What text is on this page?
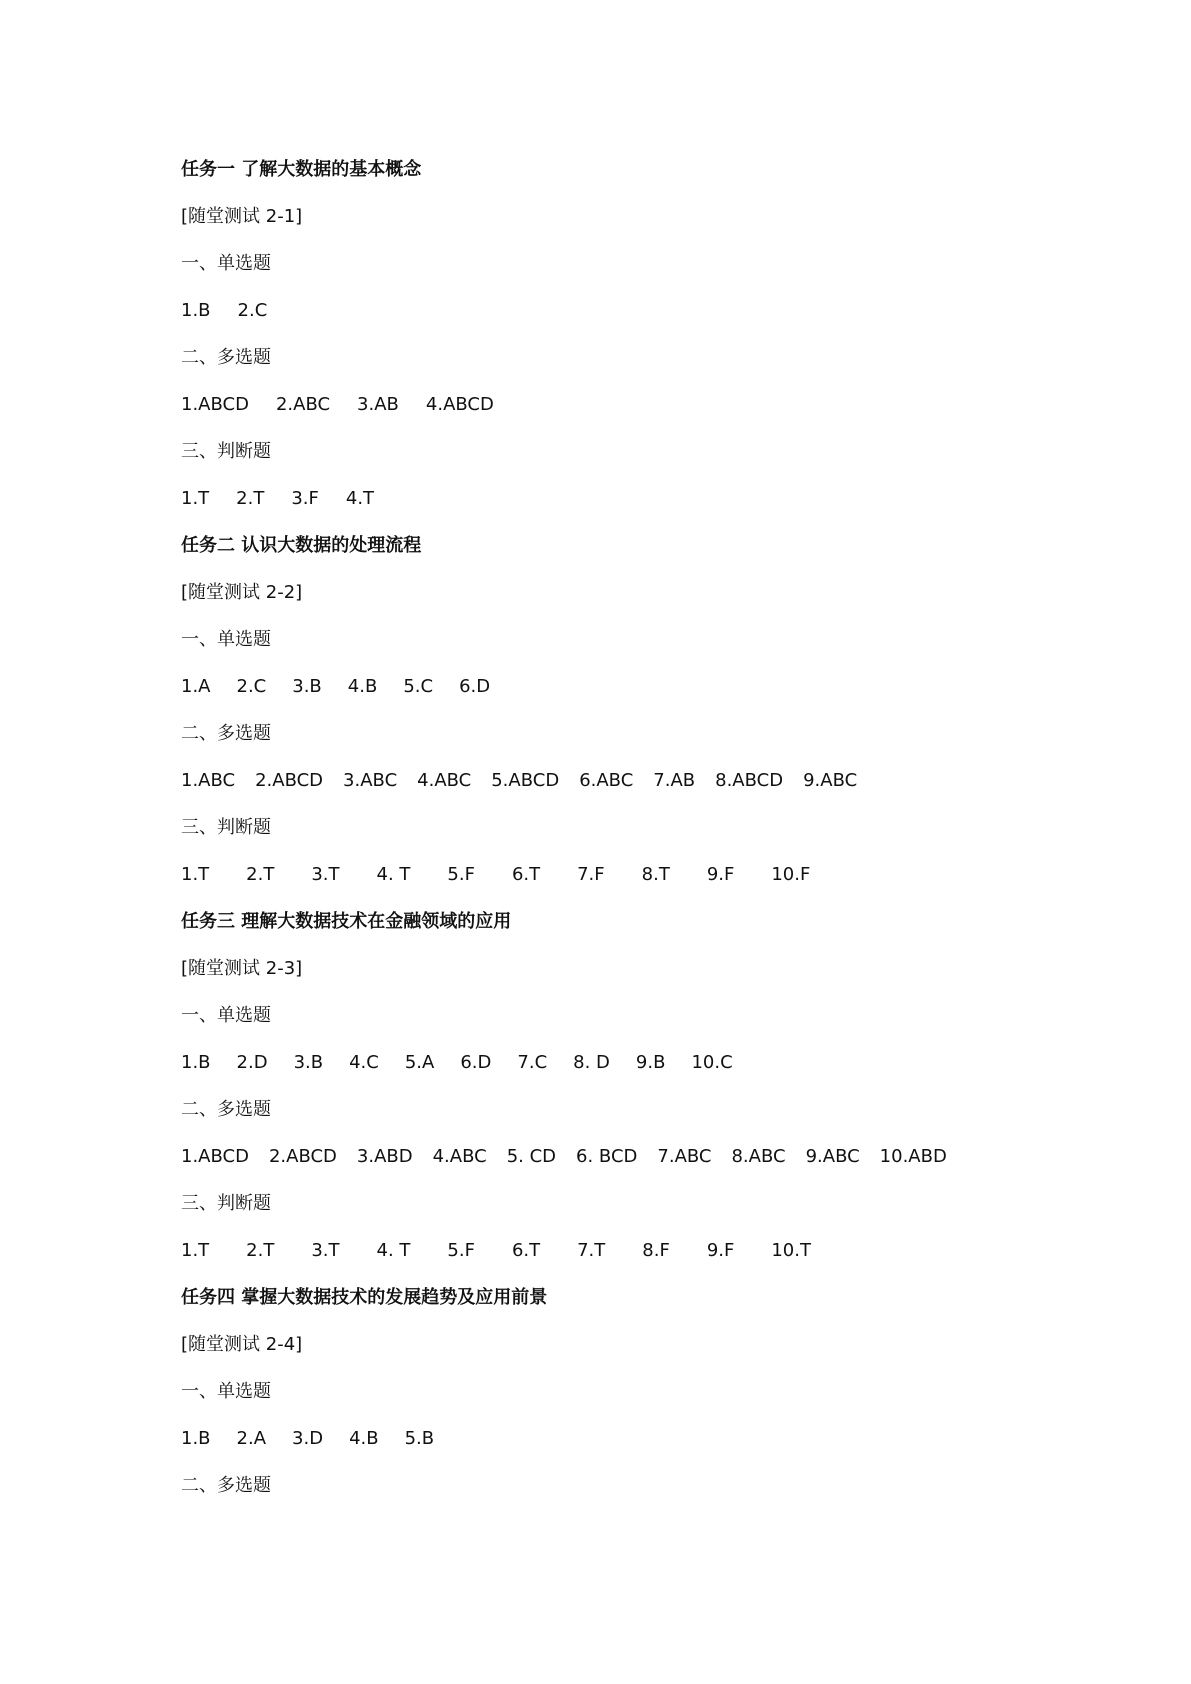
任务一 了解大数据的基本概念
[随堂测试 2-1]
一、单选题
1.B 2.C
二、多选题
1.ABCD 2.ABC 3.AB 4.ABCD
三、判断题
1.T 2.T 3.F 4.T
任务二 认识大数据的处理流程
[随堂测试 2-2]
一、单选题
1.A 2.C 3.B 4.B 5.C 6.D
二、多选题
1.ABC 2.ABCD 3.ABC 4.ABC 5.ABCD 6.ABC 7.AB 8.ABCD 9.ABC
三、判断题
1.T 2.T 3.T 4. T 5.F 6.T 7.F 8.T 9.F 10.F
任务三 理解大数据技术在金融领域的应用
[随堂测试 2-3]
一、单选题
1.B 2.D 3.B 4.C 5.A 6.D 7.C 8. D 9.B 10.C
二、多选题
1.ABCD 2.ABCD 3.ABD 4.ABC 5. CD 6. BCD 7.ABC 8.ABC 9.ABC 10.ABD
三、判断题
1.T 2.T 3.T 4. T 5.F 6.T 7.T 8.F 9.F 10.T
任务四 掌握大数据技术的发展趋势及应用前景
[随堂测试 2-4]
一、单选题
1.B 2.A 3.D 4.B 5.B
二、多选题
